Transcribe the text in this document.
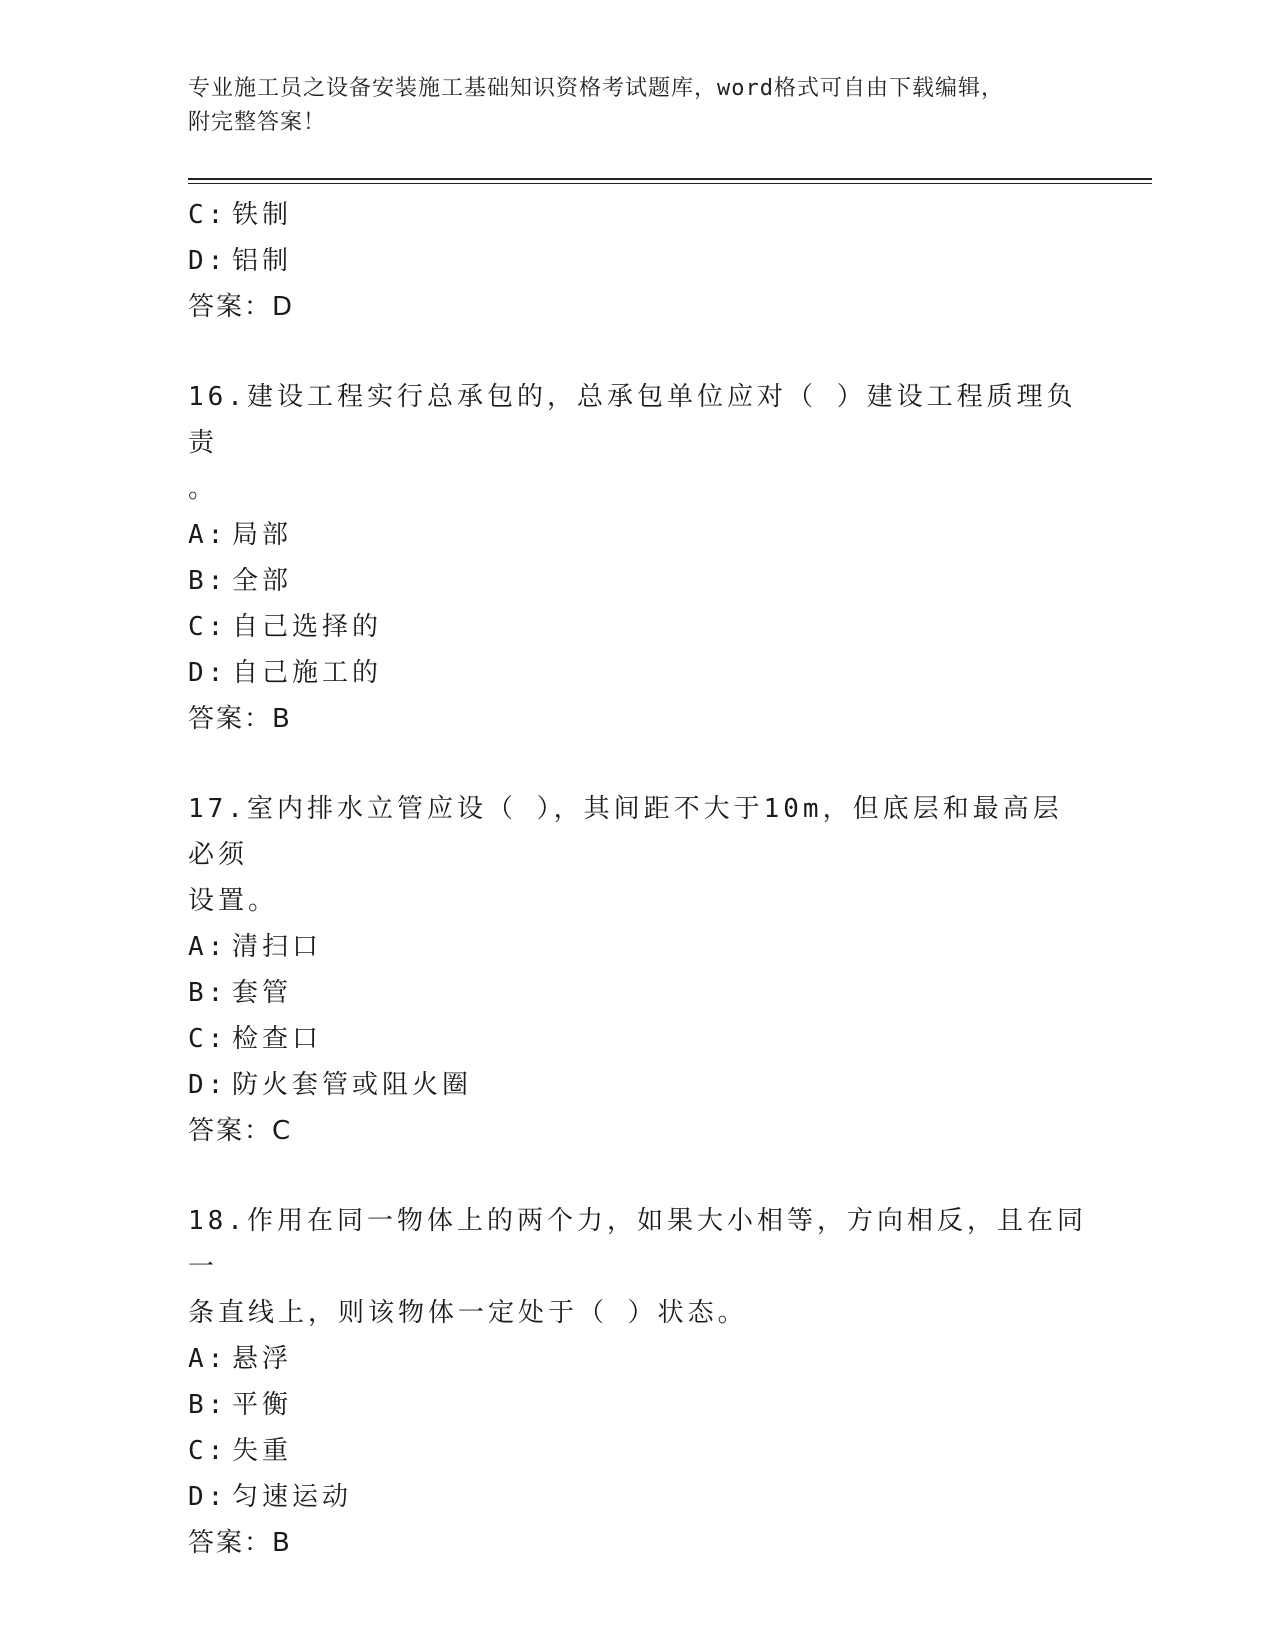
专业施工员之设备安装施工基础知识资格考试题库，word格式可自由下载编辑，
附完整答案！
C: 铁制
D: 铝制
答案：D
16.建设工程实行总承包的，总承包单位应对（ ）建设工程质理负责
。
A: 局部
B: 全部
C: 自己选择的
D: 自己施工的
答案：B
17.室内排水立管应设（ ），其间距不大于10m，但底层和最高层必须
设置。
A: 清扫口
B: 套管
C: 检查口
D: 防火套管或阻火圈
答案：C
18.作用在同一物体上的两个力，如果大小相等，方向相反，且在同一
条直线上，则该物体一定处于（ ）状态。
A: 悬浮
B: 平衡
C: 失重
D: 匀速运动
答案：B
